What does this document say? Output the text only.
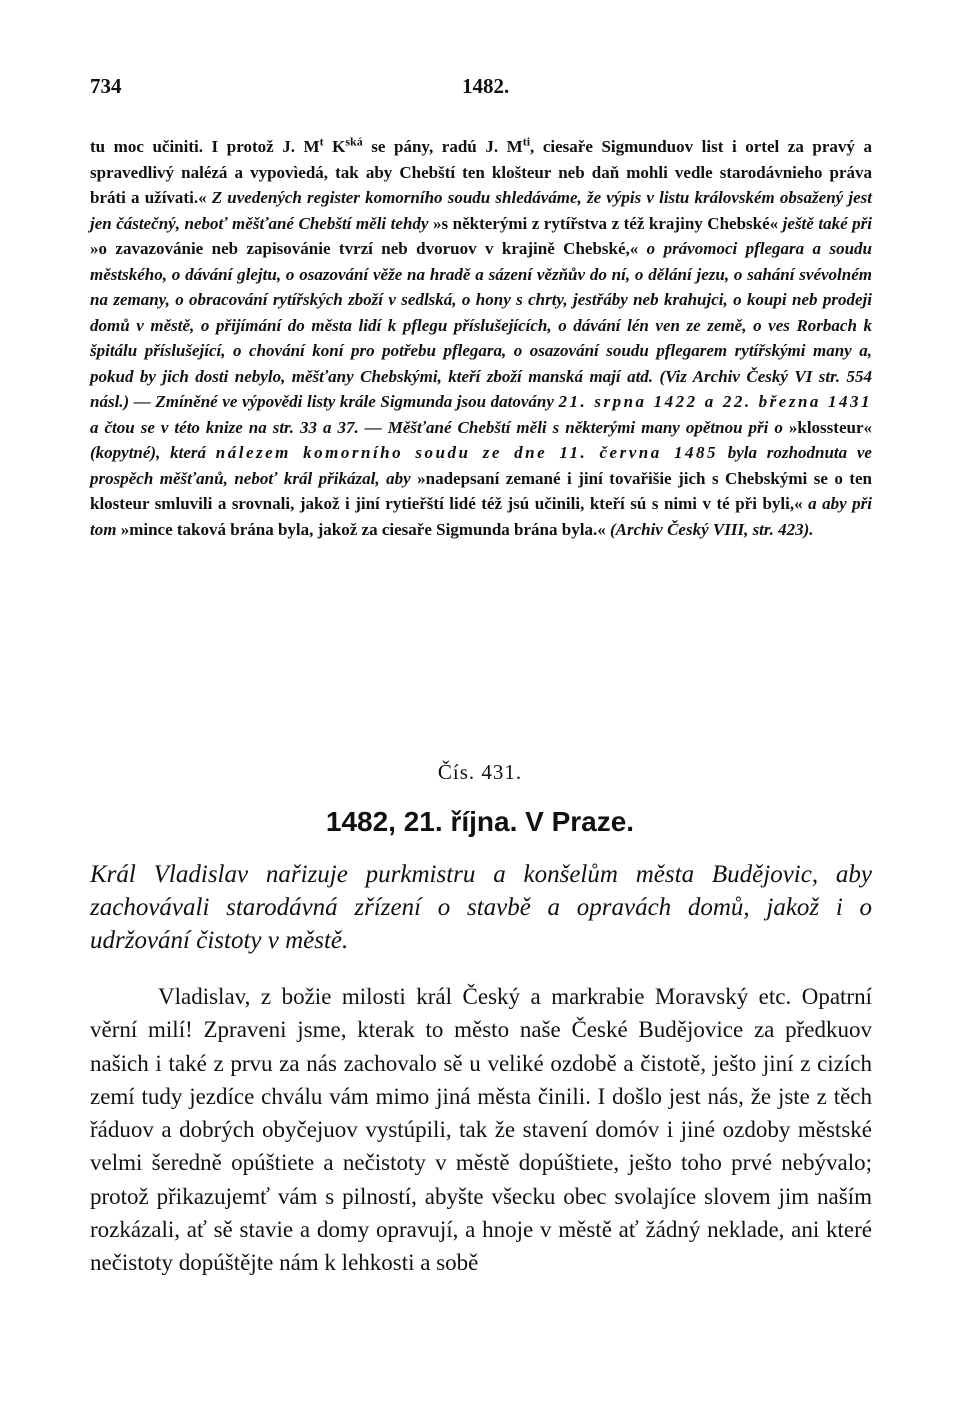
734	1482.
tu moc učiniti. I protož J. $M^t$ $K^{ská}$ se pány, radú J. $M^{ti}$, ciesaře Sigmunduov list i ortel za pravý a spravedlivý nalézá a vypovìedá, tak aby Chebští ten klošteur neb daň mohli vedle starodávnieho práva bráti a užívati.« Z uvedených register komorního soudu shledáváme, že výpis v listu královském obsažený jest jen částečný, neboť měšťané Chebští měli tehdy »s některými z rytířstva z též krajiny Chebské« ještě také při »o zavazovánie neb zapisovánie tvrzí neb dvoruov v krajině Chebské,« o právomoci pflegara a soudu městského, o dávání glejtu, o osazování věže na hradě a sázení vězňův do ní, o dělání jezu, o sahání svévolném na zemany, o obracování rytířských zboží v sedlská, o hony s chrty, jestřáby neb krahujci, o koupi neb prodeji domů v městě, o přijímání do města lidí k pflegu příslušejících, o dávání lén ven ze země, o ves Rorbach k špitálu příslušející, o chování koní pro potřebu pflegara, o osazování soudu pflegarem rytířskými many a, pokud by jich dosti nebylo, měšťany Chebskými, kteří zboží manská mají atd. (Viz Archiv Český VI str. 554 násl.) — Zmíněné ve výpovědi listy krále Sigmunda jsou datovány 21. srpna 1422 a 22. března 1431 a čtou se v této knize na str. 33 a 37. — Měšťané Chebští měli s některými many opětnou při o »klossteur« (kopytné), která nálezem komorního soudu ze dne 11. června 1485 byla rozhodnuta ve prospěch měšťanů, neboť král přikázal, aby »nadepsaní zemané i jiní tovařišie jich s Chebskými se o ten klosteur smluvili a srovnali, jakož i jiní rytieřští lidé též jsú učinili, kteří sú s nimi v té při byli,« a aby při tom »mince taková brána byla, jakož za ciesaře Sigmunda brána byla.« (Archiv Český VIII, str. 423).
Čís. 431.
1482, 21. října. V Praze.
Král Vladislav nařizuje purkmistru a konšelům města Budějovic, aby zachovávali starodávná zřízení o stavbě a opravách domů, jakož i o udržování čistoty v městě.
Vladislav, z božie milosti král Český a markrabie Moravský etc. Opatrní věrní milí! Zpraveni jsme, kterak to město naše České Budějovice za předkuov našich i také z prvu za nás zachovalo sě u veliké ozdobě a čistotě, ješto jiní z cizích zemí tudy jezdíce chválu vám mimo jiná města činili. I došlo jest nás, že jste z těch řáduov a dobrých obyčejuov vystúpili, tak že stavení domóv i jiné ozdoby městské velmi šeredně opúštiete a nečistoty v městě dopúštiete, ješto toho prvé nebývalo; protož přikazujemť vám s pilností, abyšte všecku obec svolajíce slovem jim naším rozkázali, ať sě stavie a domy opravují, a hnoje v městě ať žádný neklade, ani které nečistoty dopúštějte nám k lehkosti a sobě
